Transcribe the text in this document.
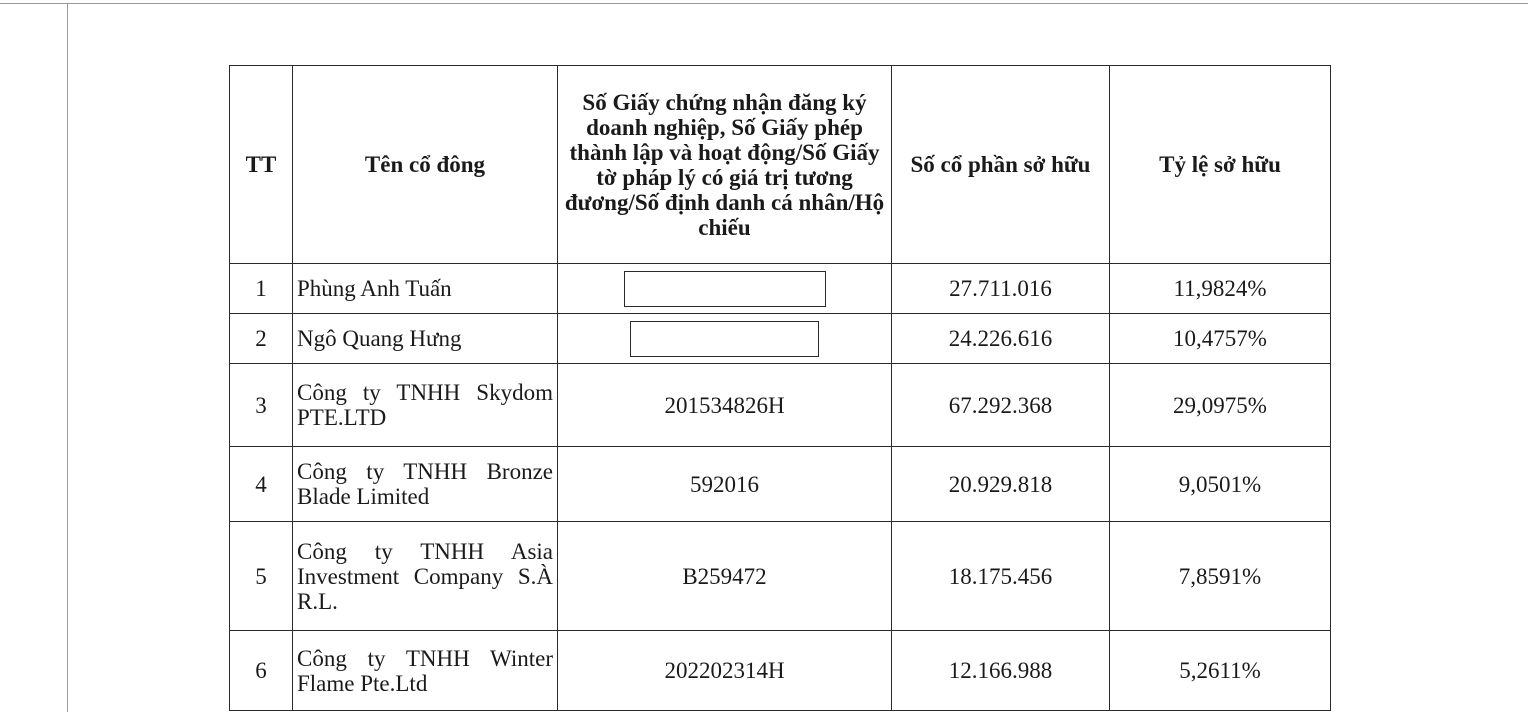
TT	Tên cổ đông	Số Giấy chứng nhận đăng ký doanh nghiệp, Số Giấy phép thành lập và hoạt động/Số Giấy tờ pháp lý có giá trị tương đương/Số định danh cá nhân/Hộ chiếu	Số cổ phần sở hữu	Tỷ lệ sở hữu
1	Phùng Anh Tuấn		27.711.016	11,9824%
2	Ngô Quang Hưng		24.226.616	10,4757%
3	Công ty TNHH Skydom PTE.LTD	201534826H	67.292.368	29,0975%
4	Công ty TNHH Bronze Blade Limited	592016	20.929.818	9,0501%
5	Công ty TNHH Asia Investment Company S.À R.L.	B259472	18.175.456	7,8591%
6	Công ty TNHH Winter Flame Pte.Ltd	202202314H	12.166.988	5,2611%
